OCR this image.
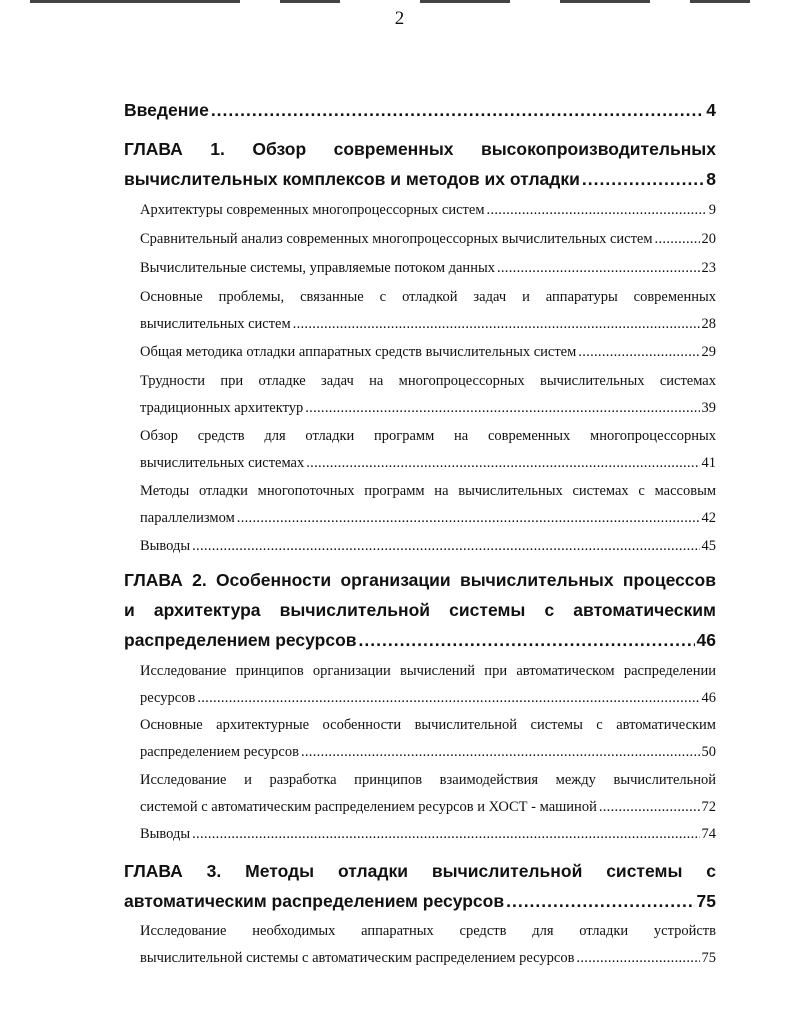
2
Введение .....	4
ГЛАВА 1. Обзор современных высокопроизводительных
вычислительных комплексов и методов их отладки .....	8
Архитектуры современных многопроцессорных систем .....	9
Сравнительный анализ современных многопроцессорных вычислительных систем .....	20
Вычислительные системы, управляемые потоком данных .....	23
Основные проблемы, связанные с отладкой задач и аппаратуры современных
вычислительных систем .....	28
Общая методика отладки аппаратных средств вычислительных систем .....	29
Трудности при отладке задач на многопроцессорных вычислительных системах
традиционных архитектур .....	39
Обзор средств для отладки программ на современных многопроцессорных
вычислительных системах .....	41
Методы отладки многопоточных программ на вычислительных системах с массовым
параллелизмом .....	42
Выводы .....	45
ГЛАВА 2. Особенности организации вычислительных процессов
и архитектура вычислительной системы с автоматическим
распределением ресурсов .....	46
Исследование принципов организации вычислений при автоматическом распределении
ресурсов .....	46
Основные архитектурные особенности вычислительной системы с автоматическим
распределением ресурсов .....	50
Исследование и разработка принципов взаимодействия между вычислительной
системой с автоматическим распределением ресурсов и ХОСТ - машиной .....	72
Выводы .....	74
ГЛАВА 3. Методы отладки вычислительной системы с
автоматическим распределением ресурсов .....	75
Исследование необходимых аппаратных средств для отладки устройств
вычислительной системы с автоматическим распределением ресурсов .....	75
